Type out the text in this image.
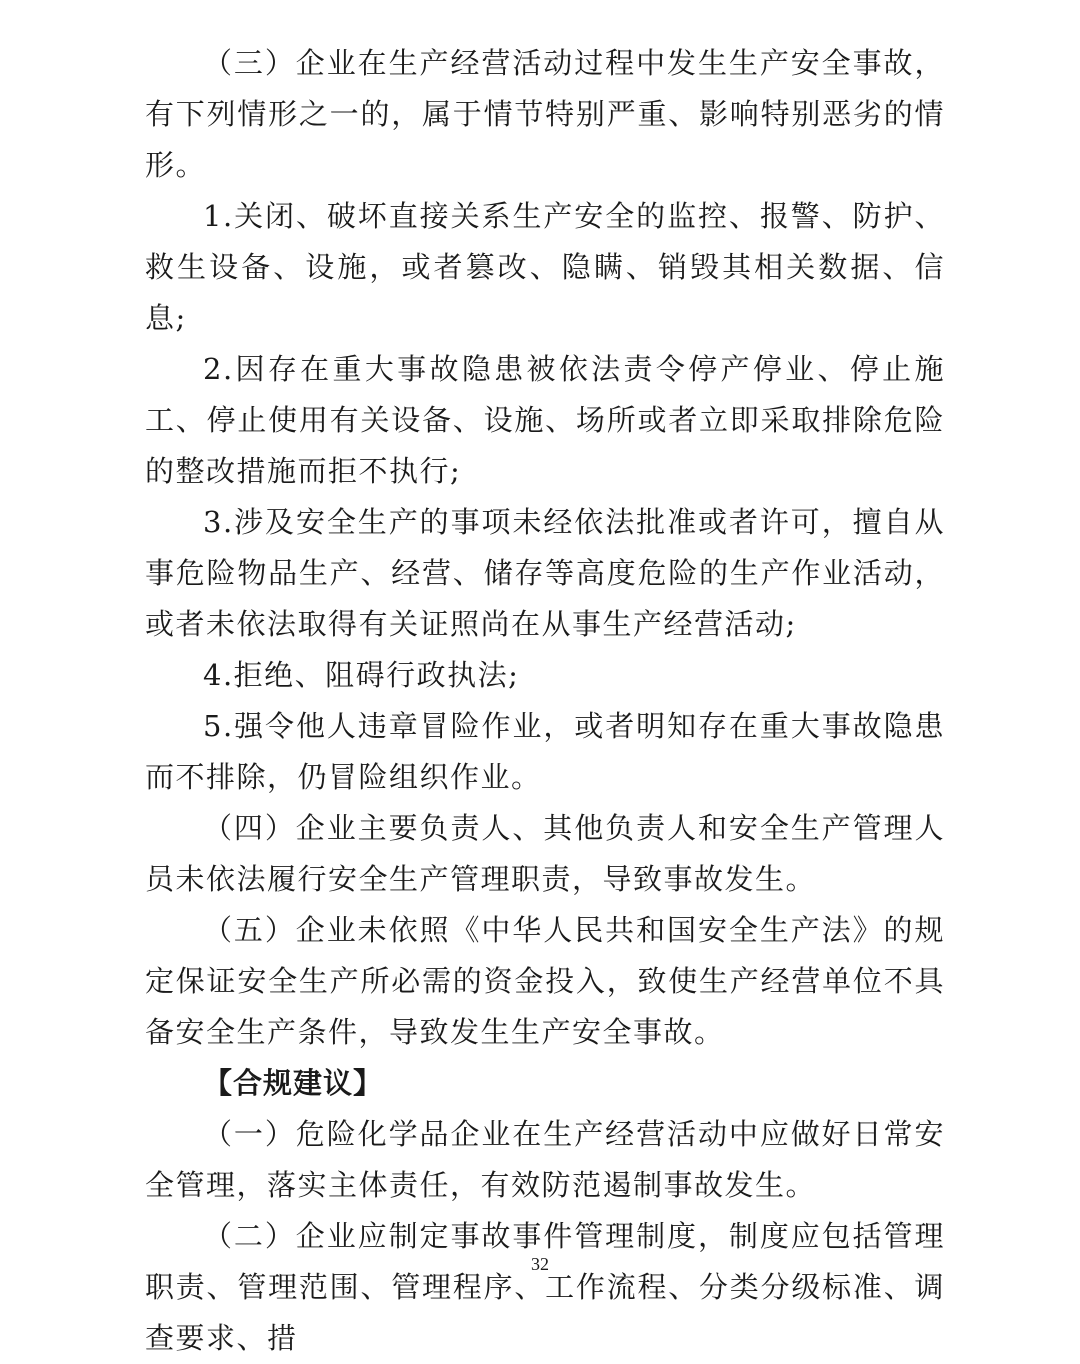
（三）企业在生产经营活动过程中发生生产安全事故，有下列情形之一的，属于情节特别严重、影响特别恶劣的情形。

1.关闭、破坏直接关系生产安全的监控、报警、防护、救生设备、设施，或者篡改、隐瞒、销毁其相关数据、信息;

2.因存在重大事故隐患被依法责令停产停业、停止施工、停止使用有关设备、设施、场所或者立即采取排除危险的整改措施而拒不执行;

3.涉及安全生产的事项未经依法批准或者许可，擅自从事危险物品生产、经营、储存等高度危险的生产作业活动，或者未依法取得有关证照尚在从事生产经营活动;

4.拒绝、阻碍行政执法;

5.强令他人违章冒险作业，或者明知存在重大事故隐患而不排除，仍冒险组织作业。

（四）企业主要负责人、其他负责人和安全生产管理人员未依法履行安全生产管理职责，导致事故发生。

（五）企业未依照《中华人民共和国安全生产法》的规定保证安全生产所必需的资金投入，致使生产经营单位不具备安全生产条件，导致发生生产安全事故。

【合规建议】

（一）危险化学品企业在生产经营活动中应做好日常安全管理，落实主体责任，有效防范遏制事故发生。

（二）企业应制定事故事件管理制度，制度应包括管理职责、管理范围、管理程序、工作流程、分类分级标准、调查要求、措

32
